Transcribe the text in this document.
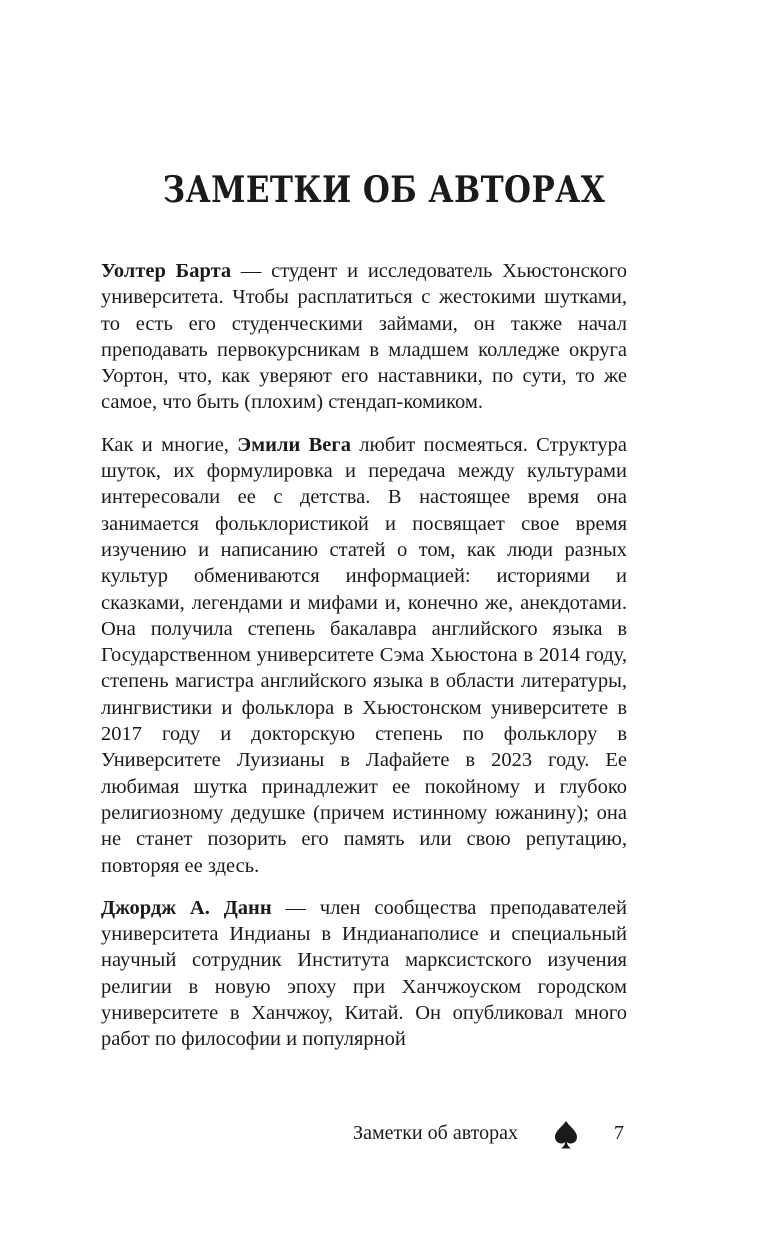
ЗАМЕТКИ ОБ АВТОРАХ

Уолтер Барта — студент и исследователь Хьюстонского университета. Чтобы расплатиться с жестокими шутками, то есть его студенческими займами, он также начал преподавать первокурсникам в младшем колледже округа Уортон, что, как уверяют его наставники, по сути, то же самое, что быть (плохим) стендап-комиком.

Как и многие, Эмили Вега любит посмеяться. Структура шуток, их формулировка и передача между культурами интересовали ее с детства. В настоящее время она занимается фольклористикой и посвящает свое время изучению и написанию статей о том, как люди разных культур обмениваются информацией: историями и сказками, легендами и мифами и, конечно же, анекдотами. Она получила степень бакалавра английского языка в Государственном университете Сэма Хьюстона в 2014 году, степень магистра английского языка в области литературы, лингвистики и фольклора в Хьюстонском университете в 2017 году и докторскую степень по фольклору в Университете Луизианы в Лафайете в 2023 году. Ее любимая шутка принадлежит ее покойному и глубоко религиозному дедушке (причем истинному южанину); она не станет позорить его память или свою репутацию, повторяя ее здесь.

Джордж А. Данн — член сообщества преподавателей университета Индианы в Индианаполисе и специальный научный сотрудник Института марксистского изучения религии в новую эпоху при Ханчжоуском городском университете в Ханчжоу, Китай. Он опубликовал много работ по философии и популярной

Заметки об авторах	7
